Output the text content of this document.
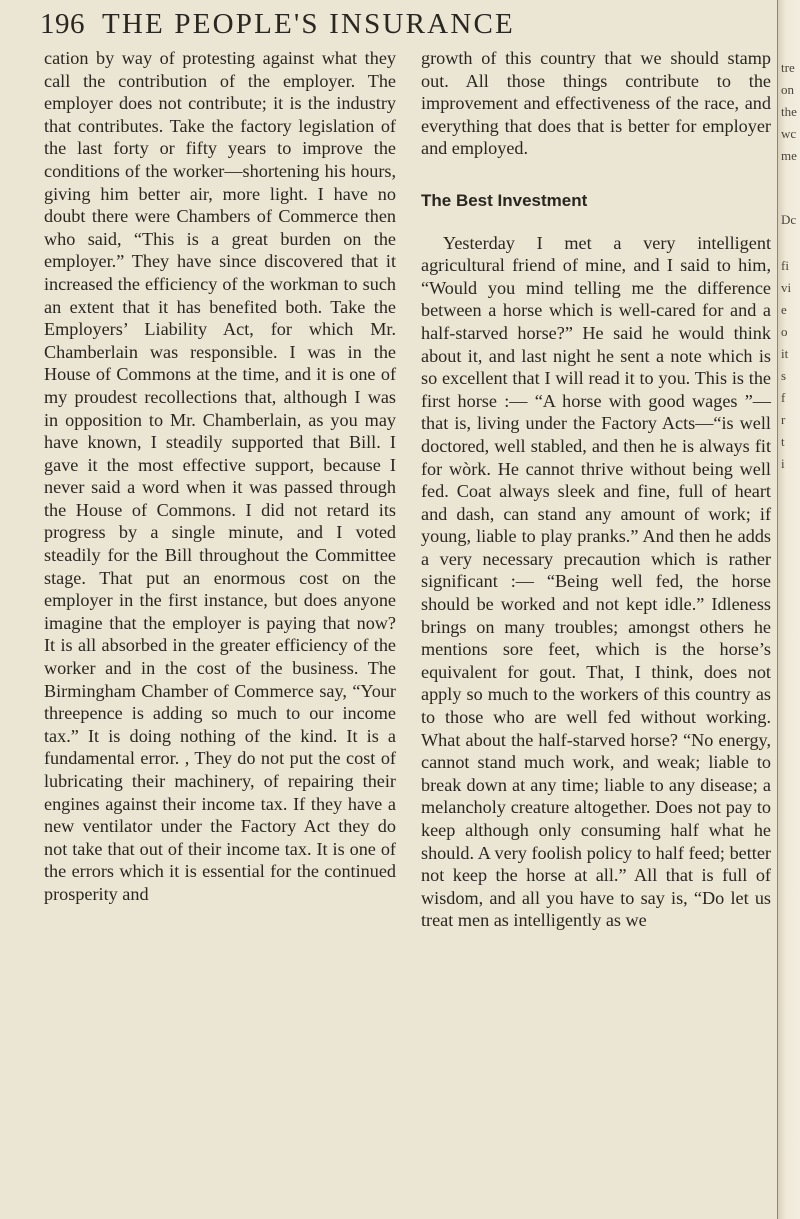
196 THE PEOPLE'S INSURANCE

cation by way of protesting against what they call the contribution of the employer. The employer does not contribute; it is the industry that contributes. Take the factory legislation of the last forty or fifty years to improve the conditions of the worker—shortening his hours, giving him better air, more light. I have no doubt there were Chambers of Commerce then who said, “This is a great burden on the employer.” They have since discovered that it increased the efficiency of the workman to such an extent that it has benefited both. Take the Employers’ Liability Act, for which Mr. Chamberlain was responsible. I was in the House of Commons at the time, and it is one of my proudest recollections that, although I was in opposition to Mr. Chamberlain, as you may have known, I steadily supported that Bill. I gave it the most effective support, because I never said a word when it was passed through the House of Commons. I did not retard its progress by a single minute, and I voted steadily for the Bill throughout the Committee stage. That put an enormous cost on the employer in the first instance, but does anyone imagine that the employer is paying that now? It is all absorbed in the greater efficiency of the worker and in the cost of the business. The Birmingham Chamber of Commerce say, “Your threepence is adding so much to our income tax.” It is doing nothing of the kind. It is a fundamental error. , They do not put the cost of lubricating their machinery, of repairing their engines against their income tax. If they have a new ventilator under the Factory Act they do not take that out of their income tax. It is one of the errors which it is essential for the continued prosperity and

growth of this country that we should stamp out. All those things contribute to the improvement and effectiveness of the race, and everything that does that is better for employer and employed.

The Best Investment

Yesterday I met a very intelligent agricultural friend of mine, and I said to him, “Would you mind telling me the difference between a horse which is well-cared for and a half-starved horse?” He said he would think about it, and last night he sent a note which is so excellent that I will read it to you. This is the first horse :— “A horse with good wages ”—that is, living under the Factory Acts—“is well doctored, well stabled, and then he is always fit for wòrk. He cannot thrive without being well fed. Coat always sleek and fine, full of heart and dash, can stand any amount of work; if young, liable to play pranks.” And then he adds a very necessary precaution which is rather significant :— “Being well fed, the horse should be worked and not kept idle.” Idleness brings on many troubles; amongst others he mentions sore feet, which is the horse’s equivalent for gout. That, I think, does not apply so much to the workers of this country as to those who are well fed without working. What about the half-starved horse? “No energy, cannot stand much work, and weak; liable to break down at any time; liable to any disease; a melancholy creature altogether. Does not pay to keep although only consuming half what he should. A very foolish policy to half feed; better not keep the horse at all.” All that is full of wisdom, and all you have to say is, “Do let us treat men as intelligently as we

tre
on
the
wc
me
Dc
fi
vi
e
o
it
s
f
r
t
i
